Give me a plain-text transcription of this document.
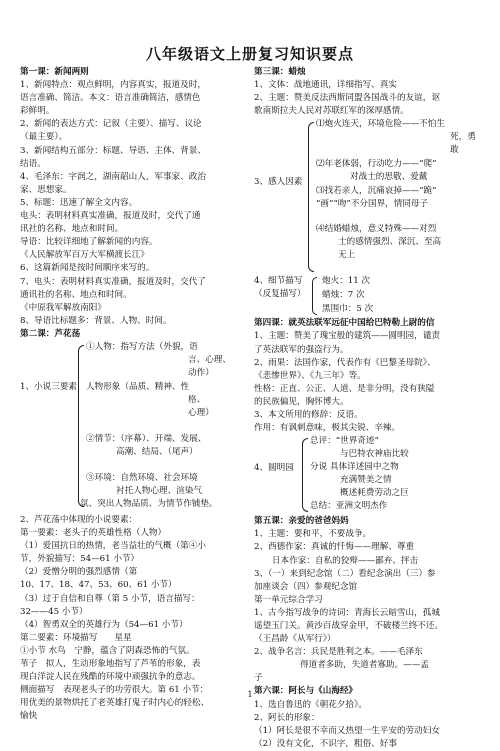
八年级语文上册复习知识要点

第一课：新闻两则

1、新闻特点：观点鲜明，内容真实，报道及时，

语言准确、简洁。本文：语言准确简洁，感情色

彩鲜明。

2、新闻的表达方式：记叙（主要）、描写、议论

（最主要）。

3、新闻结构五部分：标题、导语、主体、背景、

结语。

4、毛泽东：字润之，湖南韶山人，军事家、政治

家、思想家。

5、标题：迅速了解全文内容。

电头：表明材料真实准确，报道及时，交代了通

讯社的名称、地点和时间。

导语：比较详细地了解新闻的内容。

《人民解放军百万大军横渡长江》

6、这篇新闻是按时间顺序来写的。

7、电头：表明材料真实准确，报道及时，交代了

通讯社的名称、地点和时间。

《中原我军解放南阳》

8、导语比标题多：背景、人物、时间。

第二课：芦花荡

1、小说三要素
①人物：指写方法（外貌，语
言、心理、
动作）
人物形象（品质、精神、性
格、
心理）
②情节：（序幕）、开端、发展、
高潮、结局、（尾声）
③环境：自然环境、社会环境
衬托人物心理、渲染气
氛、突出人物品质、为情节作铺垫。

2、芦花荡中体现的小说要素：

第一要素：老头子的英雄性格（人物）

（1）爱国抗日的热情，老当益壮的气概（第④小

节，外貌描写：54—61 小节）

（2）爱憎分明的强烈感情（第

10、17、18、47、53、60、61 小节）

（3）过于自信和自尊（第 5 小节，语言描写：

32——45 小节）

（4）智勇双全的英雄行为（54—61 小节）

第二要素：环境描写　　星星

①小节 水鸟　宁静，蕴含了阴森恐怖的气氛。

苇子　拟人，生动形象地指写了芦苇的形象，表

现白洋淀人民在残酷的环境中顽强抗争的意志。

侧面描写　表现老头子的功劳很大。第 61 小节：

用优美的景物烘托了老英雄打鬼子时内心的轻松、

愉快

第三课：蜡烛

1、文体：战地通讯，详细指写、真实

2、主题：赞美反法西斯同盟各国战斗的友谊，讴

歌南斯拉夫人民对苏联红军的深厚感情。

3、感人因素
⑴炮火连天，环境危险——不怕生
死，勇
敢
⑵年老体弱，行动吃力——“爬”
对战士的思敬、爱戴
⑶找若亲人，沉痛哀掉——“跪”
“画”“吻”不分国界，情同母子
⑷结婚蜡烛，意义特殊——对烈
士的感情强烈、深沉、至高
无上
4、细节描写
（反复描写）
炮火：11 次
蜡烛：7 次
黑围巾：5 次

第四课：就英法联军远征中国给巴特勒上尉的信

1、主题：赞美了瑰宝般的建筑——圆明园，谴责

了英法联军的强盗行为。

2、雨果：法国作家，代表作有《巴黎圣母院》、

《悲惨世界》、《九三年》等。

性格：正直、公正、人道、是非分明，没有狭隘

的民族偏见，胸怀博大。

3、本文所用的修辞：反语。

作用：有讽刺意味，极其尖锐、辛辣。

4、圆明园
总评：“世界奇迹”
与巴特农神庙比较
分说 具体详述园中之物
充满赞美之情
概述耗费劳动之巨
总结：亚洲文明杰作

第五课：亲爱的爸爸妈妈

1、主题：要和平，不要战争。

2、西德作家：真诚的忏悔——理解、尊重

日本作家：自私的狡辩——鄙弃、抨击

3、（一）来到纪念馆（二）看纪念演出（三）参

加座谈会（四）参观纪念馆

第一单元综合学习

1、古今指写战争的诗词：青海长云暗雪山，孤城

遥望玉门关。黄沙百战穿金甲，不破楼兰终不还。

（王昌龄《从军行》）

2、战争名言：兵民是胜利之本。——毛泽东

得道者多助，失道者寡助。——孟

子

第六课：阿长与《山海经》

1、选自鲁迅的《朝花夕拾》。

2、阿长的形象：

（1）阿长是很不幸而又热望一生平安的劳动妇女

（2）没有文化，不识字，粗俗、好事

1
